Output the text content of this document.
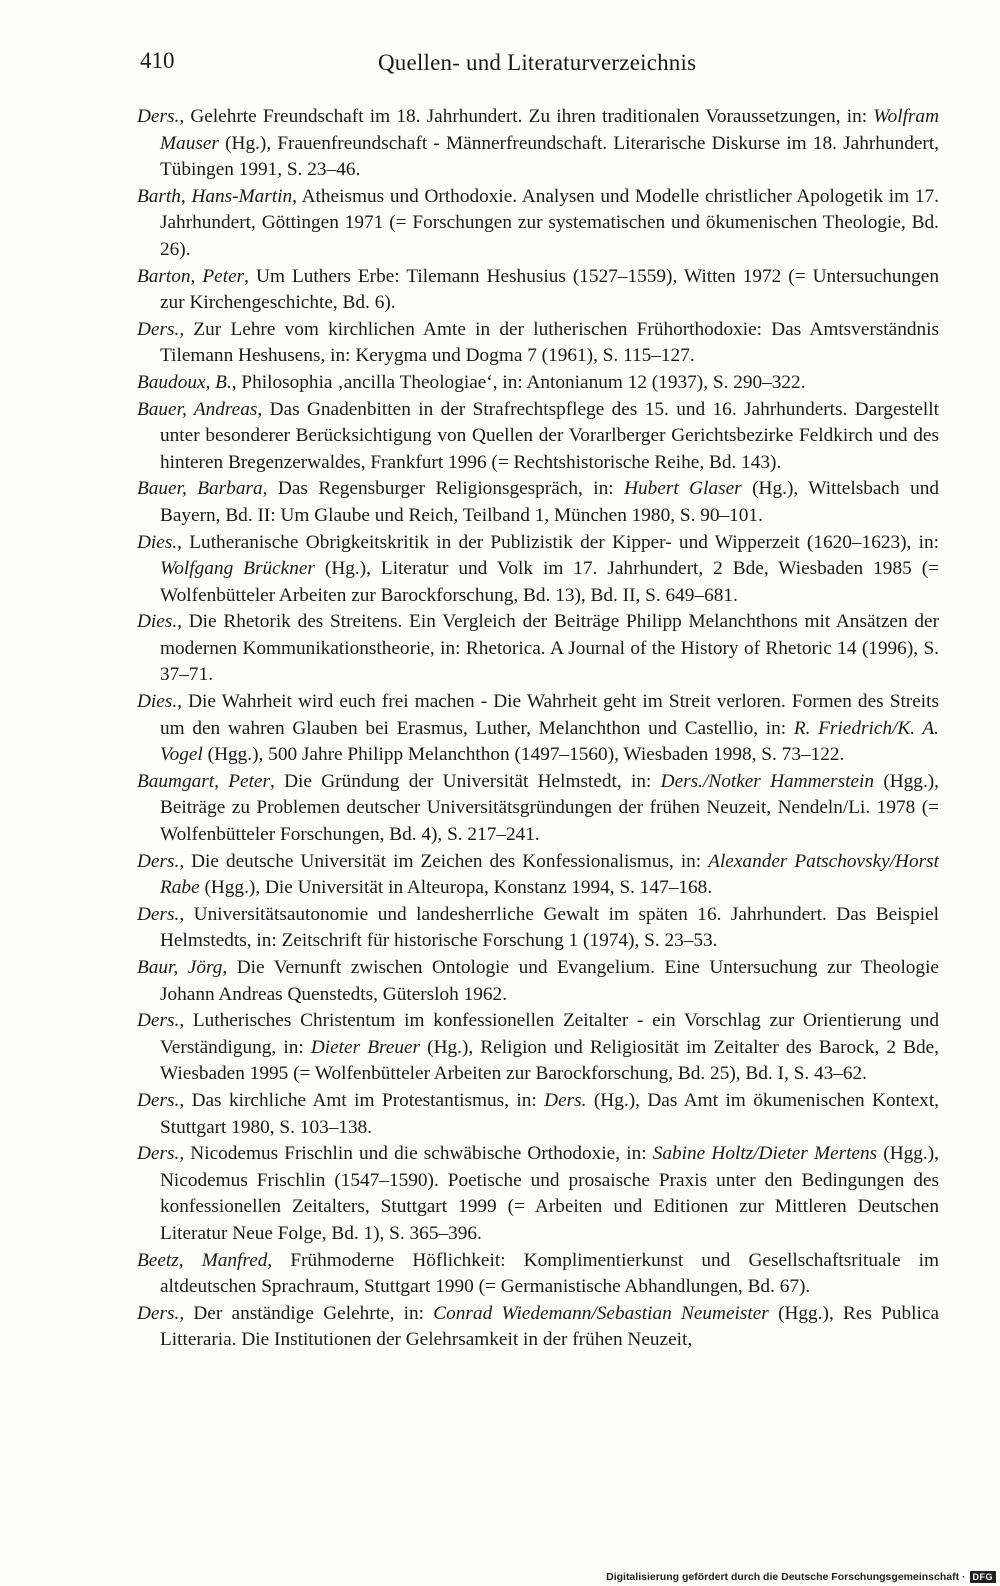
410	Quellen- und Literaturverzeichnis

Ders., Gelehrte Freundschaft im 18. Jahrhundert. Zu ihren traditionalen Voraussetzungen, in: Wolfram Mauser (Hg.), Frauenfreundschaft - Männerfreundschaft. Literarische Diskurse im 18. Jahrhundert, Tübingen 1991, S. 23–46.

Barth, Hans-Martin, Atheismus und Orthodoxie. Analysen und Modelle christlicher Apologetik im 17. Jahrhundert, Göttingen 1971 (= Forschungen zur systematischen und ökumenischen Theologie, Bd. 26).

Barton, Peter, Um Luthers Erbe: Tilemann Heshusius (1527–1559), Witten 1972 (= Untersuchungen zur Kirchengeschichte, Bd. 6).

Ders., Zur Lehre vom kirchlichen Amte in der lutherischen Frühorthodoxie: Das Amtsverständnis Tilemann Heshusens, in: Kerygma und Dogma 7 (1961), S. 115–127.

Baudoux, B., Philosophia ‚ancilla Theologiae‘, in: Antonianum 12 (1937), S. 290–322.

Bauer, Andreas, Das Gnadenbitten in der Strafrechtspflege des 15. und 16. Jahrhunderts. Dargestellt unter besonderer Berücksichtigung von Quellen der Vorarlberger Gerichtsbezirke Feldkirch und des hinteren Bregenzerwaldes, Frankfurt 1996 (= Rechtshistorische Reihe, Bd. 143).

Bauer, Barbara, Das Regensburger Religionsgespräch, in: Hubert Glaser (Hg.), Wittelsbach und Bayern, Bd. II: Um Glaube und Reich, Teilband 1, München 1980, S. 90–101.

Dies., Lutheranische Obrigkeitskritik in der Publizistik der Kipper- und Wipperzeit (1620–1623), in: Wolfgang Brückner (Hg.), Literatur und Volk im 17. Jahrhundert, 2 Bde, Wiesbaden 1985 (= Wolfenbütteler Arbeiten zur Barockforschung, Bd. 13), Bd. II, S. 649–681.

Dies., Die Rhetorik des Streitens. Ein Vergleich der Beiträge Philipp Melanchthons mit Ansätzen der modernen Kommunikationstheorie, in: Rhetorica. A Journal of the History of Rhetoric 14 (1996), S. 37–71.

Dies., Die Wahrheit wird euch frei machen - Die Wahrheit geht im Streit verloren. Formen des Streits um den wahren Glauben bei Erasmus, Luther, Melanchthon und Castellio, in: R. Friedrich/K. A. Vogel (Hgg.), 500 Jahre Philipp Melanchthon (1497–1560), Wiesbaden 1998, S. 73–122.

Baumgart, Peter, Die Gründung der Universität Helmstedt, in: Ders./Notker Hammerstein (Hgg.), Beiträge zu Problemen deutscher Universitätsgründungen der frühen Neuzeit, Nendeln/Li. 1978 (= Wolfenbütteler Forschungen, Bd. 4), S. 217–241.

Ders., Die deutsche Universität im Zeichen des Konfessionalismus, in: Alexander Patschovsky/Horst Rabe (Hgg.), Die Universität in Alteuropa, Konstanz 1994, S. 147–168.

Ders., Universitätsautonomie und landesherrliche Gewalt im späten 16. Jahrhundert. Das Beispiel Helmstedts, in: Zeitschrift für historische Forschung 1 (1974), S. 23–53.

Baur, Jörg, Die Vernunft zwischen Ontologie und Evangelium. Eine Untersuchung zur Theologie Johann Andreas Quenstedts, Gütersloh 1962.

Ders., Lutherisches Christentum im konfessionellen Zeitalter - ein Vorschlag zur Orientierung und Verständigung, in: Dieter Breuer (Hg.), Religion und Religiosität im Zeitalter des Barock, 2 Bde, Wiesbaden 1995 (= Wolfenbütteler Arbeiten zur Barockforschung, Bd. 25), Bd. I, S. 43–62.

Ders., Das kirchliche Amt im Protestantismus, in: Ders. (Hg.), Das Amt im ökumenischen Kontext, Stuttgart 1980, S. 103–138.

Ders., Nicodemus Frischlin und die schwäbische Orthodoxie, in: Sabine Holtz/Dieter Mertens (Hgg.), Nicodemus Frischlin (1547–1590). Poetische und prosaische Praxis unter den Bedingungen des konfessionellen Zeitalters, Stuttgart 1999 (= Arbeiten und Editionen zur Mittleren Deutschen Literatur Neue Folge, Bd. 1), S. 365–396.

Beetz, Manfred, Frühmoderne Höflichkeit: Komplimentierkunst und Gesellschaftsrituale im altdeutschen Sprachraum, Stuttgart 1990 (= Germanistische Abhandlungen, Bd. 67).

Ders., Der anständige Gelehrte, in: Conrad Wiedemann/Sebastian Neumeister (Hgg.), Res Publica Litteraria. Die Institutionen der Gelehrsamkeit in der frühen Neuzeit,

Digitalisierung gefördert durch die Deutsche Forschungsgemeinschaft · DFG
